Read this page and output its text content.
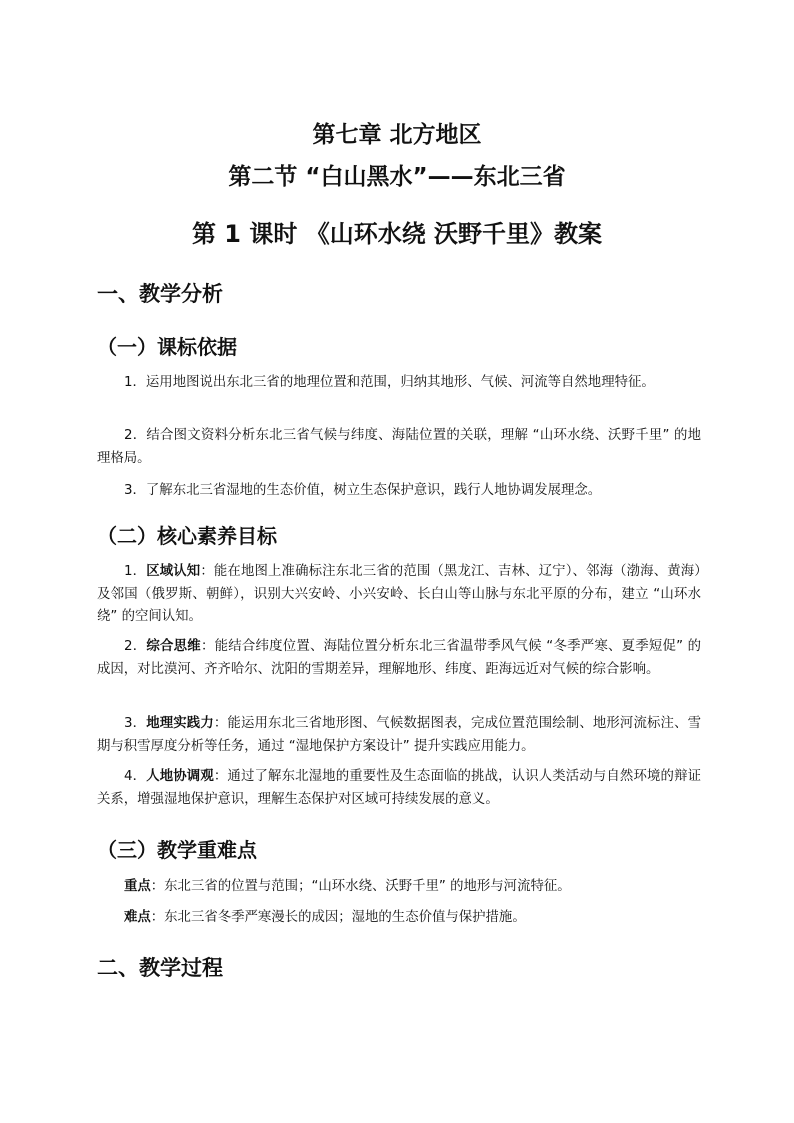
第七章 北方地区
第二节 “白山黑水”——东北三省
第 1 课时 《山环水绕 沃野千里》教案
一、教学分析
（一）课标依据

1．运用地图说出东北三省的地理位置和范围，归纳其地形、气候、河流等自然地理特征。

2．结合图文资料分析东北三省气候与纬度、海陆位置的关联，理解 “山环水绕、沃野千里” 的地理格局。

3．了解东北三省湿地的生态价值，树立生态保护意识，践行人地协调发展理念。

（二）核心素养目标

1．区域认知：能在地图上准确标注东北三省的范围（黑龙江、吉林、辽宁）、邻海（渤海、黄海）及邻国（俄罗斯、朝鲜），识别大兴安岭、小兴安岭、长白山等山脉与东北平原的分布，建立 “山环水绕” 的空间认知。

2．综合思维：能结合纬度位置、海陆位置分析东北三省温带季风气候 “冬季严寒、夏季短促” 的成因，对比漠河、齐齐哈尔、沈阳的雪期差异，理解地形、纬度、距海远近对气候的综合影响。

3．地理实践力：能运用东北三省地形图、气候数据图表，完成位置范围绘制、地形河流标注、雪期与积雪厚度分析等任务，通过 “湿地保护方案设计” 提升实践应用能力。

4．人地协调观：通过了解东北湿地的重要性及生态面临的挑战，认识人类活动与自然环境的辩证关系，增强湿地保护意识，理解生态保护对区域可持续发展的意义。

（三）教学重难点

重点：东北三省的位置与范围；“山环水绕、沃野千里” 的地形与河流特征。

难点：东北三省冬季严寒漫长的成因；湿地的生态价值与保护措施。

二、教学过程
